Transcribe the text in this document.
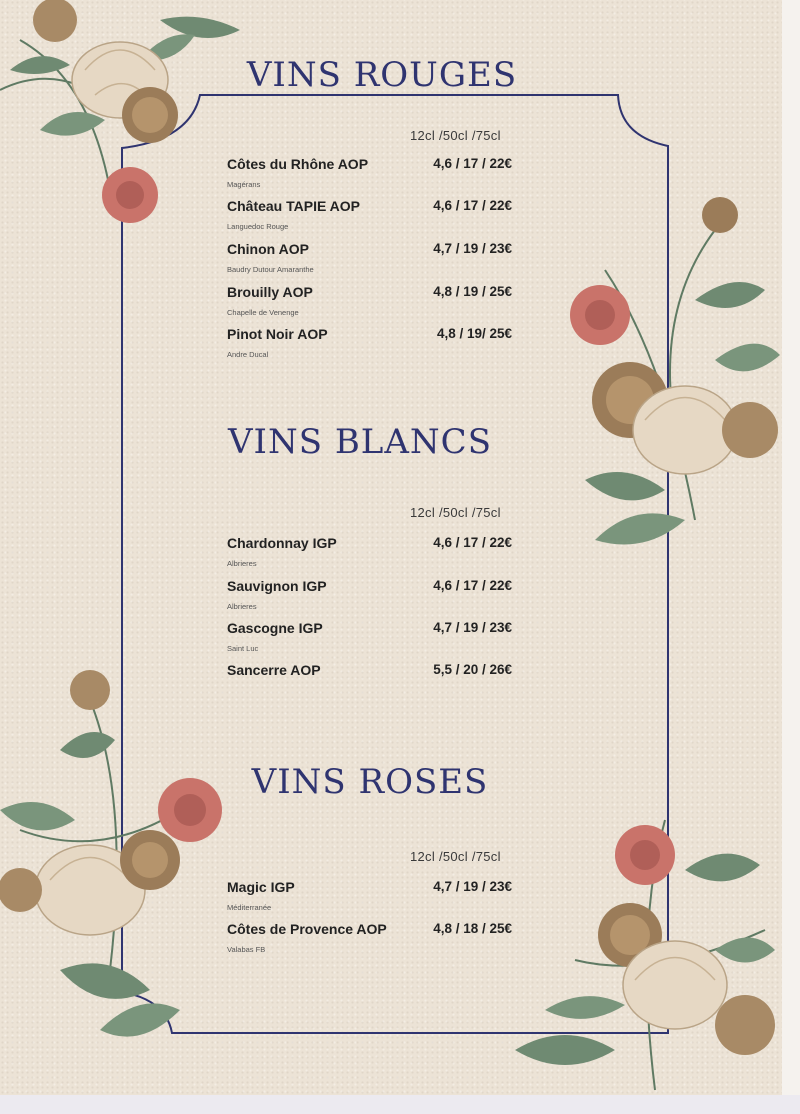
VINS ROUGES
12cl /50cl /75cl
Côtes du Rhône AOP	4,6 / 17 / 22€
Magérans
Château TAPIE AOP	4,6 / 17 / 22€
Languedoc Rouge
Chinon AOP	4,7 / 19 / 23€
Baudry Dutour Amaranthe
Brouilly AOP	4,8 / 19 / 25€
Chapelle de Venenge
Pinot Noir AOP	4,8 / 19/ 25€
Andre Ducal
VINS BLANCS
12cl /50cl /75cl
Chardonnay IGP	4,6 / 17 / 22€
Albrieres
Sauvignon IGP	4,6 / 17 / 22€
Albrieres
Gascogne IGP	4,7 / 19 / 23€
Saint Luc
Sancerre AOP	5,5 / 20 / 26€
VINS ROSES
12cl /50cl /75cl
Magic IGP	4,7 / 19 / 23€
Méditerranée
Côtes de Provence AOP	4,8 / 18 / 25€
Valabas FB
